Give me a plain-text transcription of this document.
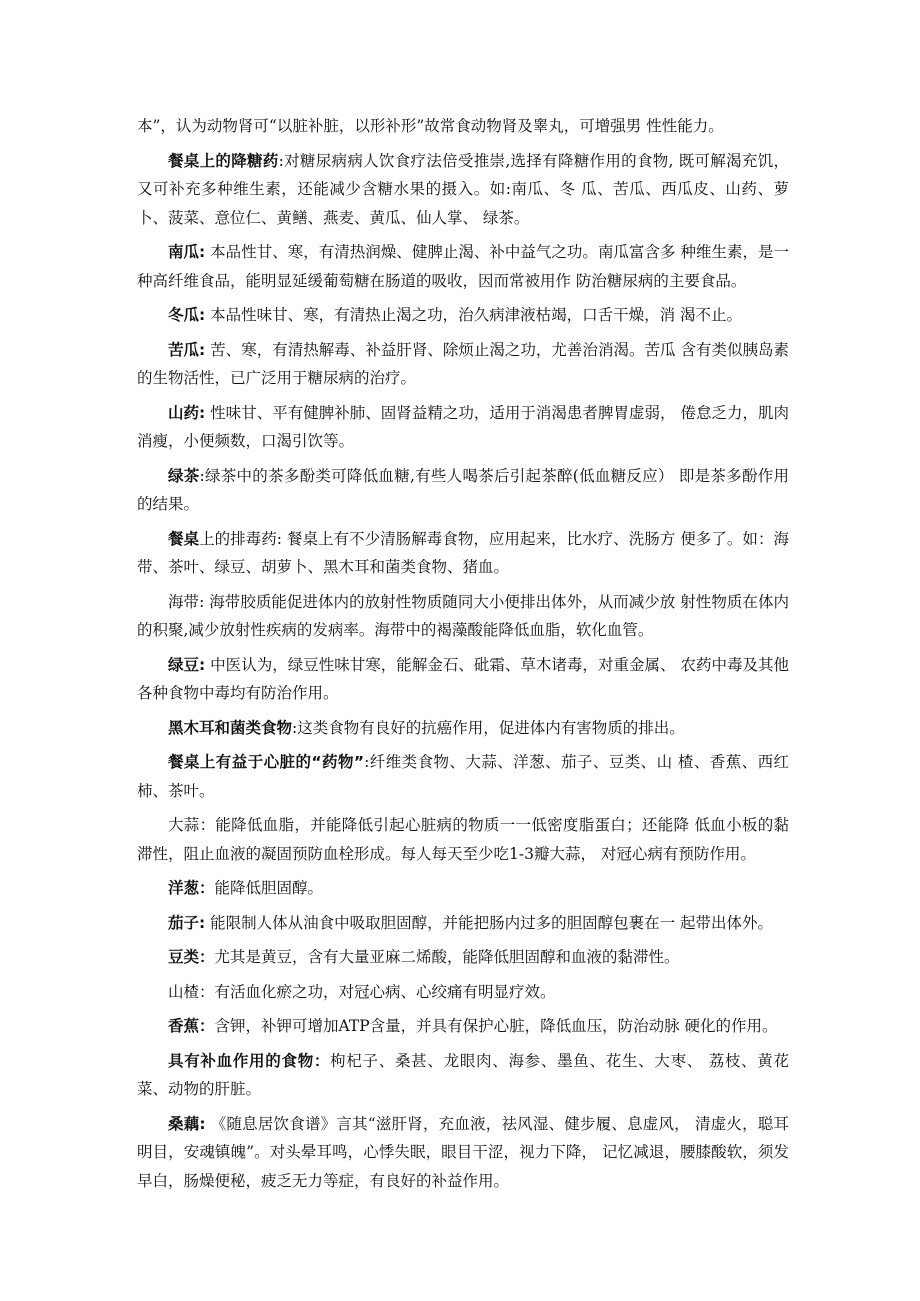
本”，认为动物肾可“以脏补脏，以形补形”故常食动物肾及睾丸，可增强男 性性能力。

餐桌上的降糖药:对糖尿病病人饮食疗法倍受推崇,选择有降糖作用的食物, 既可解渴充饥，又可补充多种维生素，还能减少含糖水果的摄入。如:南瓜、冬 瓜、苦瓜、西瓜皮、山药、萝卜、菠菜、意位仁、黄鳝、燕麦、黄瓜、仙人掌、 绿茶。

南瓜: 本品性甘、寒，有清热润燥、健脾止渴、补中益气之功。南瓜富含多 种维生素，是一种高纤维食品，能明显延缓葡萄糖在肠道的吸收，因而常被用作 防治糖尿病的主要食品。

冬瓜: 本品性味甘、寒，有清热止渴之功，治久病津液枯竭，口舌干燥，消 渴不止。

苦瓜: 苦、寒，有清热解毒、补益肝肾、除烦止渴之功，尤善治消渴。苦瓜 含有类似胰岛素的生物活性，已广泛用于糖尿病的治疗。

山药: 性味甘、平有健脾补肺、固肾益精之功，适用于消渴患者脾胃虚弱， 倦怠乏力，肌肉消瘦，小便频数，口渴引饮等。

绿茶:绿茶中的茶多酚类可降低血糖,有些人喝茶后引起茶醉(低血糖反应） 即是茶多酚作用的结果。

餐桌上的排毒药: 餐桌上有不少清肠解毒食物，应用起来，比水疗、洗肠方 便多了。如：海带、茶叶、绿豆、胡萝卜、黑木耳和菌类食物、猪血。

海带: 海带胶质能促进体内的放射性物质随同大小便排出体外，从而减少放 射性物质在体内的积聚,减少放射性疾病的发病率。海带中的褐藻酸能降低血脂，软化血管。

绿豆: 中医认为，绿豆性味甘寒，能解金石、砒霜、草木诸毒，对重金属、 农药中毒及其他各种食物中毒均有防治作用。

黑木耳和菌类食物:这类食物有良好的抗癌作用，促进体内有害物质的排出。

餐桌上有益于心脏的“药物”:纤维类食物、大蒜、洋葱、茄子、豆类、山 楂、香蕉、西红柿、茶叶。

大蒜：能降低血脂，并能降低引起心脏病的物质一一低密度脂蛋白；还能降 低血小板的黏滞性，阻止血液的凝固预防血栓形成。每人每天至少吃1-3瓣大蒜， 对冠心病有预防作用。

洋葱：能降低胆固醇。

茄子: 能限制人体从油食中吸取胆固醇，并能把肠内过多的胆固醇包裹在一 起带出体外。

豆类：尤其是黄豆，含有大量亚麻二烯酸，能降低胆固醇和血液的黏滞性。

山楂：有活血化瘀之功，对冠心病、心绞痛有明显疗效。

香蕉：含钾，补钾可增加ATP含量，并具有保护心脏，降低血压，防治动脉 硬化的作用。

具有补血作用的食物：枸杞子、桑甚、龙眼肉、海参、墨鱼、花生、大枣、 荔枝、黄花菜、动物的肝脏。

桑藕: 《随息居饮食谱》言其“滋肝肾，充血液，祛风湿、健步履、息虚风， 清虚火，聪耳明目，安魂镇魄”。对头晕耳鸣，心悸失眠，眼目干涩，视力下降， 记忆减退，腰膝酸软，须发早白，肠燥便秘，疲乏无力等症，有良好的补益作用。
